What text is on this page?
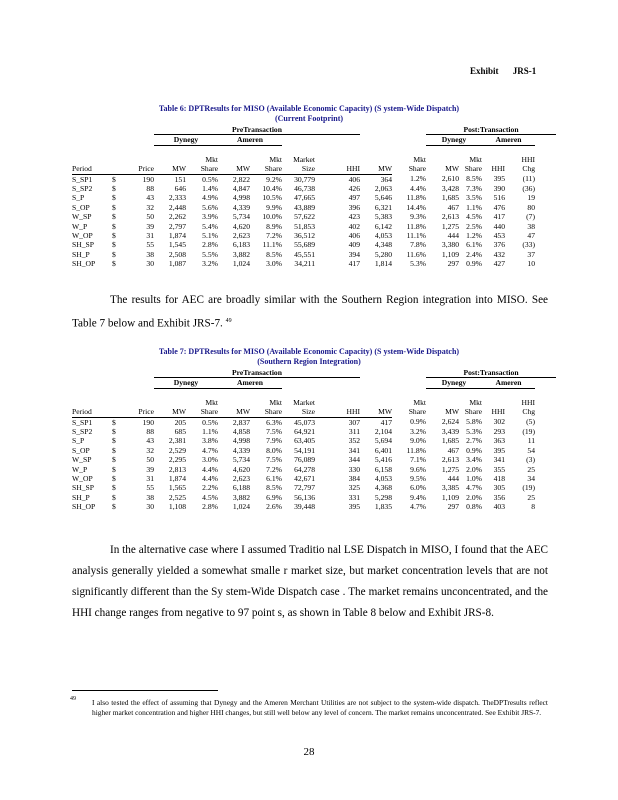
Exhibit JRS-1
Table 6: DPTResults for MISO (Available Economic Capacity) (S ystem-Wide Dispatch)
(Current Footprint)
			PreTransaction								Post:Transaction				
			Dynegy		Ameren						Dynegy		Ameren		

				Mkt		Mkt	Market			Mkt		Mkt		HHI	
Period		Price	MW	Share	MW	Share	Size	HHI	MW	Share	MW	Share	HHI	Chg	
S_SP1	$	190	151	0.5%	2,822	9.2%	30,779	406	364	1.2%	2,610	8.5%	395	(11)	
S_SP2	$	88	646	1.4%	4,847	10.4%	46,738	426	2,063	4.4%	3,428	7.3%	390	(36)	
S_P	$	43	2,333	4.9%	4,998	10.5%	47,665	497	5,646	11.8%	1,685	3.5%	516	19	
S_OP	$	32	2,448	5.6%	4,339	9.9%	43,889	396	6,321	14.4%	467	1.1%	476	80	
W_SP	$	50	2,262	3.9%	5,734	10.0%	57,622	423	5,383	9.3%	2,613	4.5%	417	(7)	
W_P	$	39	2,797	5.4%	4,620	8.9%	51,853	402	6,142	11.8%	1,275	2.5%	440	38	
W_OP	$	31	1,874	5.1%	2,623	7.2%	36,512	406	4,053	11.1%	444	1.2%	453	47	
SH_SP	$	55	1,545	2.8%	6,183	11.1%	55,689	409	4,348	7.8%	3,380	6.1%	376	(33)	
SH_P	$	38	2,508	5.5%	3,882	8.5%	45,551	394	5,280	11.6%	1,109	2.4%	432	37	
SH_OP	$	30	1,087	3.2%	1,024	3.0%	34,211	417	1,814	5.3%	297	0.9%	427	10	

The results for AEC are broadly similar with the Southern Region integration into MISO. See Table 7 below and Exhibit JRS-7. $^{49}$

Table 7: DPTResults for MISO (Available Economic Capacity) (S ystem-Wide Dispatch)
(Southern Region Integration)
			PreTransaction								Post:Transaction				
			Dynegy		Ameren						Dynegy		Ameren		

				Mkt		Mkt	Market			Mkt		Mkt		HHI	
Period		Price	MW	Share	MW	Share	Size	HHI	MW	Share	MW	Share	HHI	Chg	
S_SP1	$	190	205	0.5%	2,837	6.3%	45,073	307	417	0.9%	2,624	5.8%	302	(5)	
S_SP2	$	88	685	1.1%	4,858	7.5%	64,921	311	2,104	3.2%	3,439	5.3%	293	(19)	
S_P	$	43	2,381	3.8%	4,998	7.9%	63,405	352	5,694	9.0%	1,685	2.7%	363	11	
S_OP	$	32	2,529	4.7%	4,339	8.0%	54,191	341	6,401	11.8%	467	0.9%	395	54	
W_SP	$	50	2,295	3.0%	5,734	7.5%	76,089	344	5,416	7.1%	2,613	3.4%	341	(3)	
W_P	$	39	2,813	4.4%	4,620	7.2%	64,278	330	6,158	9.6%	1,275	2.0%	355	25	
W_OP	$	31	1,874	4.4%	2,623	6.1%	42,671	384	4,053	9.5%	444	1.0%	418	34	
SH_SP	$	55	1,565	2.2%	6,188	8.5%	72,797	325	4,368	6.0%	3,385	4.7%	305	(19)	
SH_P	$	38	2,525	4.5%	3,882	6.9%	56,136	331	5,298	9.4%	1,109	2.0%	356	25	
SH_OP	$	30	1,108	2.8%	1,024	2.6%	39,448	395	1,835	4.7%	297	0.8%	403	8	

In the alternative case where I assumed Traditio nal LSE Dispatch in MISO, I found that the AEC analysis generally yielded a somewhat smalle r market size, but market concentration levels that are not significantly different than the Sy stem-Wide Dispatch case . The market remains unconcentrated, and the HHI change ranges from negative to 97 point s, as shown in Table 8 below and Exhibit JRS-8.

49	I also tested the effect of assuming that Dynegy and the Ameren Merchant Utilities are not subject to the system-wide dispatch. TheDPTresults reflect higher market concentration and higher HHI changes, but still well below any level of concern. The market remains unconcentrated. See Exhibit JRS-7.
28
